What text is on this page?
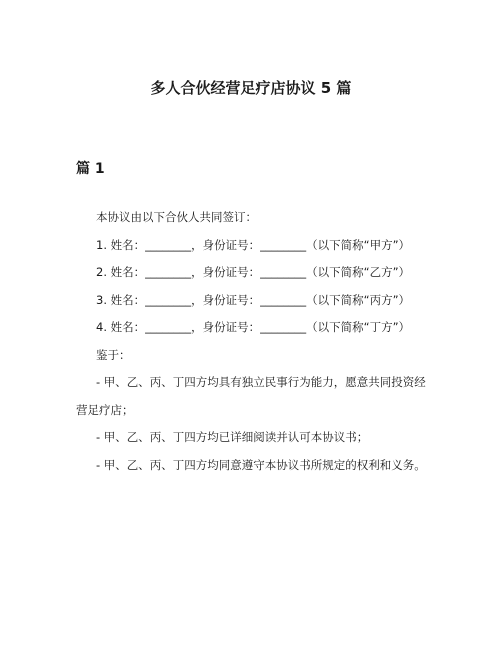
多人合伙经营足疗店协议 5 篇
篇 1

本协议由以下合伙人共同签订：

1. 姓名：________，身份证号：________（以下简称“甲方”）

2. 姓名：________，身份证号：________（以下简称“乙方”）

3. 姓名：________，身份证号：________（以下简称“丙方”）

4. 姓名：________，身份证号：________（以下简称“丁方”）

鉴于：

- 甲、乙、丙、丁四方均具有独立民事行为能力，愿意共同投资经营足疗店；

- 甲、乙、丙、丁四方均已详细阅读并认可本协议书；

- 甲、乙、丙、丁四方均同意遵守本协议书所规定的权利和义务。
